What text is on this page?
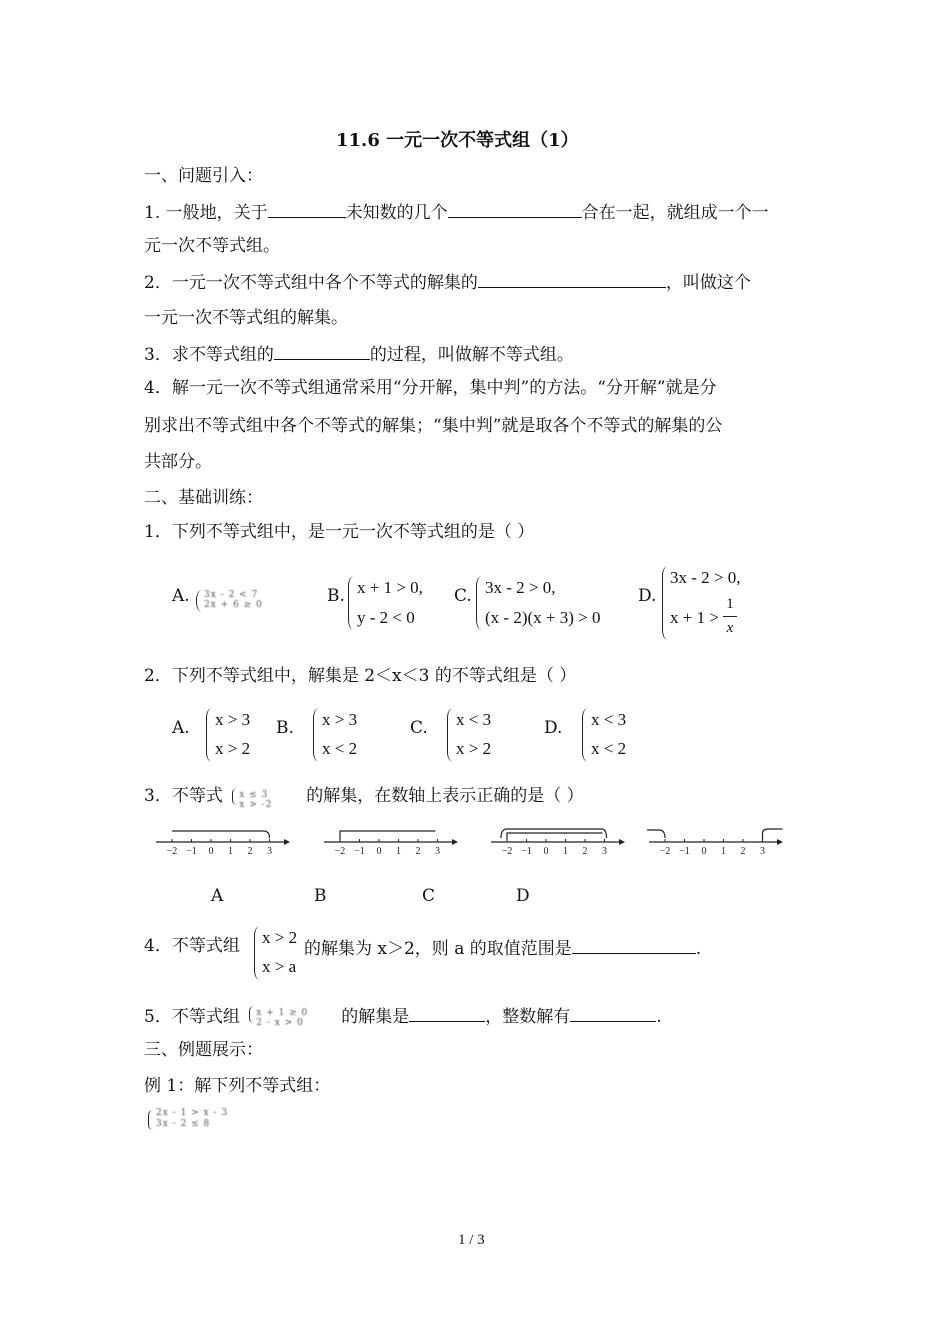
11.6 一元一次不等式组（1）
一、问题引入：
1. 一般地，关于	未知数的几个	合在一起，就组成一个一
元一次不等式组。
2．一元一次不等式组中各个不等式的解集的	，叫做这个
一元一次不等式组的解集。
3．求不等式组的	的过程，叫做解不等式组。
4．解一元一次不等式组通常采用“分开解，集中判”的方法。“分开解”就是分
别求出不等式组中各个不等式的解集；“集中判”就是取各个不等式的解集的公
共部分。
二、基础训练：
1．下列不等式组中，是一元一次不等式组的是（ ）
A. 3x - 2 < 7
2x + 6 ≥ 0	B. x + 1 > 0,
y - 2 < 0
C. 3x - 2 > 0,
(x - 2)(x + 3) > 0
D.
3x - 2 > 0,
x + 1 >
1
x
2．下列不等式组中，解集是 2＜x＜3 的不等式组是（ ）
A. x > 3
x > 2
B. x > 3
x < 2
C. x < 3
x > 2
D. x < 3
x < 2
3．不等式 x ≤ 3
x > -2 的解集，在数轴上表示正确的是（ ）
−2 −1 0 1 2 3	−2 −1 0 1 2 3	−2 −1 0 1 2 3	−2 −1 0 1 2 3
A	B	C	D
4．不等式组 x > 2
x > a
的解集为 x＞2，则 a 的取值范围是	.
5．不等式组 x + 1 ≥ 0
2 - x > 0 的解集是	，整数解有	.
三、例题展示：
例 1：解下列不等式组：
2x - 1 > x - 3
3x - 2 ≤ 8
1 / 3
